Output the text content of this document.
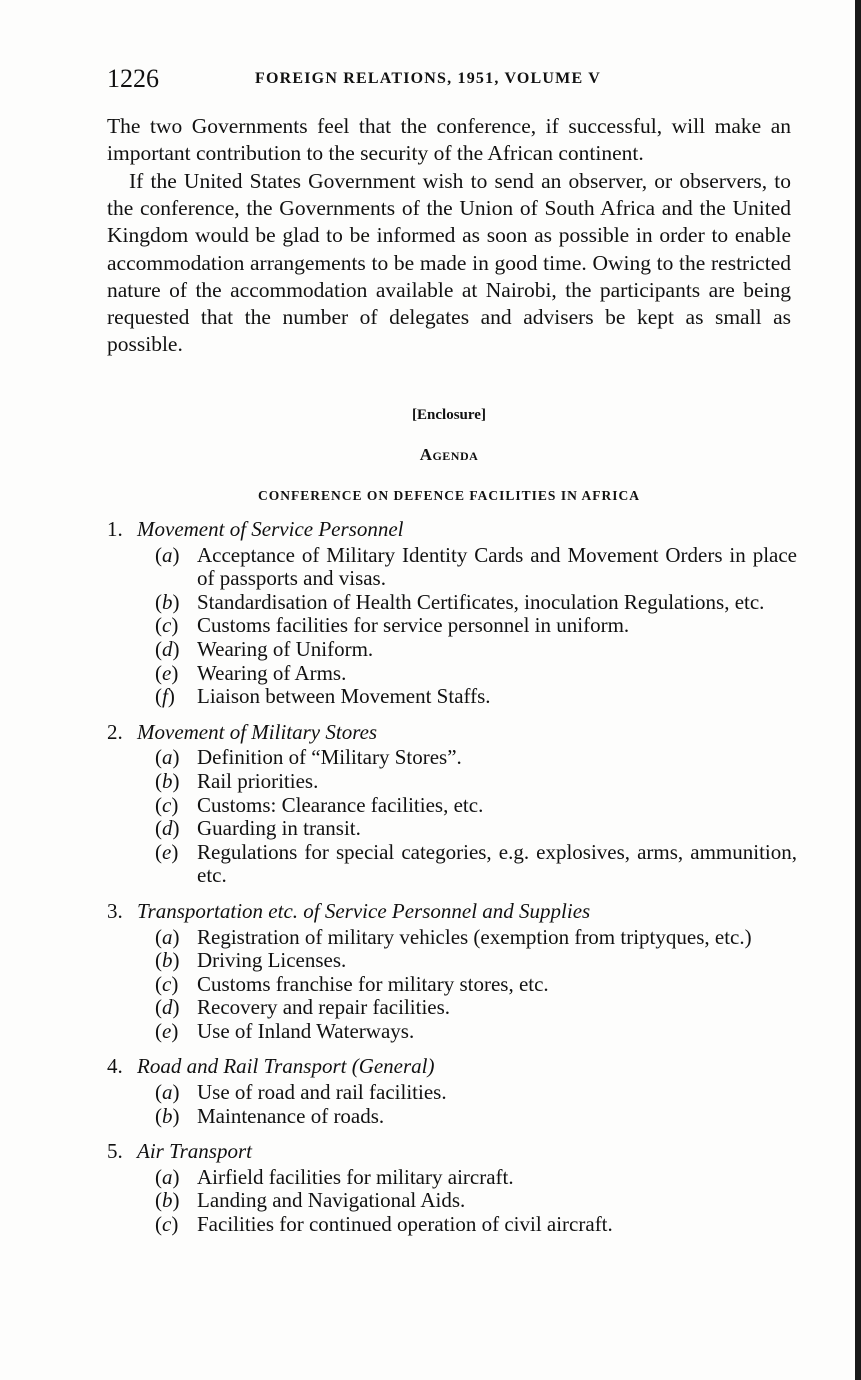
1226	FOREIGN RELATIONS, 1951, VOLUME V

The two Governments feel that the conference, if successful, will make an important contribution to the security of the African continent.

If the United States Government wish to send an observer, or observers, to the conference, the Governments of the Union of South Africa and the United Kingdom would be glad to be informed as soon as possible in order to enable accommodation arrangements to be made in good time. Owing to the restricted nature of the accommodation available at Nairobi, the participants are being requested that the number of delegates and advisers be kept as small as possible.

[Enclosure]
Agenda
CONFERENCE ON DEFENCE FACILITIES IN AFRICA
1. Movement of Service Personnel
(a) Acceptance of Military Identity Cards and Movement Orders in place of passports and visas.
(b) Standardisation of Health Certificates, inoculation Regulations, etc.
(c) Customs facilities for service personnel in uniform.
(d) Wearing of Uniform.
(e) Wearing of Arms.
(f)	Liaison between Movement Staffs.
2. Movement of Military Stores
(a) Definition of “Military Stores”.
(b) Rail priorities.
(c) Customs: Clearance facilities, etc.
(d) Guarding in transit.
(e) Regulations for special categories, e.g. explosives, arms, ammunition, etc.
3. Transportation etc. of Service Personnel and Supplies
(a) Registration of military vehicles (exemption from triptyques, etc.)
(b) Driving Licenses.
(c) Customs franchise for military stores, etc.
(d) Recovery and repair facilities.
(e) Use of Inland Waterways.
4. Road and Rail Transport (General)
(a) Use of road and rail facilities.
(b) Maintenance of roads.
5. Air Transport
(a) Airfield facilities for military aircraft.
(b) Landing and Navigational Aids.
(c) Facilities for continued operation of civil aircraft.
